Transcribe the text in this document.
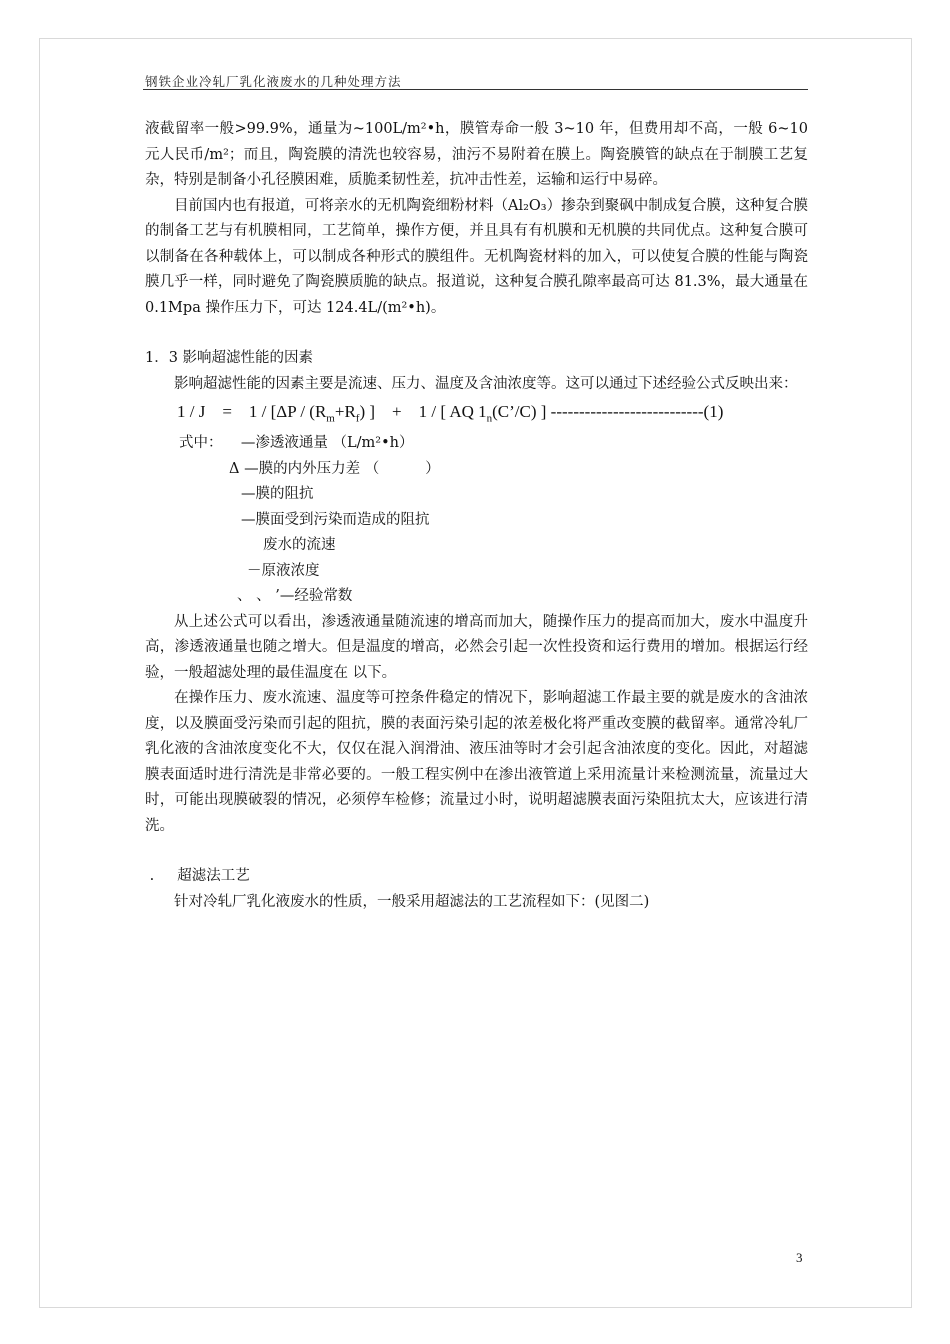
钢铁企业冷轧厂乳化液废水的几种处理方法

液截留率一般>99.9%，通量为~100L/m²•h，膜管寿命一般 3~10 年，但费用却不高，一般 6~10 元人民币/m²；而且，陶瓷膜的清洗也较容易，油污不易附着在膜上。陶瓷膜管的缺点在于制膜工艺复杂，特别是制备小孔径膜困难，质脆柔韧性差，抗冲击性差，运输和运行中易碎。

目前国内也有报道，可将亲水的无机陶瓷细粉材料（Al₂O₃）掺杂到聚砜中制成复合膜，这种复合膜的制备工艺与有机膜相同，工艺简单，操作方便，并且具有有机膜和无机膜的共同优点。这种复合膜可以制备在各种载体上，可以制成各种形式的膜组件。无机陶瓷材料的加入，可以使复合膜的性能与陶瓷膜几乎一样，同时避免了陶瓷膜质脆的缺点。报道说，这种复合膜孔隙率最高可达 81.3%，最大通量在 0.1Mpa 操作压力下，可达 124.4L/(m²•h)。

1．3 影响超滤性能的因素

影响超滤性能的因素主要是流速、压力、温度及含油浓度等。这可以通过下述经验公式反映出来：

1 / J    =    $1 / [\Delta P / (R_m+R_f)$ ]    +    1 / [ AQ $1_n(C’/C)$ ] ---------------------------(1)

式中：    —渗透液通量 （L/m²•h）

Δ —膜的内外压力差 （          ）

—膜的阻抗

—膜面受到污染而造成的阻抗

废水的流速

－原液浓度

、 、 ’—经验常数

从上述公式可以看出，渗透液通量随流速的增高而加大，随操作压力的提高而加大，废水中温度升高，渗透液通量也随之增大。但是温度的增高，必然会引起一次性投资和运行费用的增加。根据运行经验，一般超滤处理的最佳温度在 以下。

在操作压力、废水流速、温度等可控条件稳定的情况下，影响超滤工作最主要的就是废水的含油浓度，以及膜面受污染而引起的阻抗，膜的表面污染引起的浓差极化将严重改变膜的截留率。通常冷轧厂乳化液的含油浓度变化不大，仅仅在混入润滑油、液压油等时才会引起含油浓度的变化。因此，对超滤膜表面适时进行清洗是非常必要的。一般工程实例中在渗出液管道上采用流量计来检测流量，流量过大时，可能出现膜破裂的情况，必须停车检修；流量过小时，说明超滤膜表面污染阻抗太大，应该进行清洗。

.     超滤法工艺

针对冷轧厂乳化液废水的性质，一般采用超滤法的工艺流程如下：(见图二)

3
